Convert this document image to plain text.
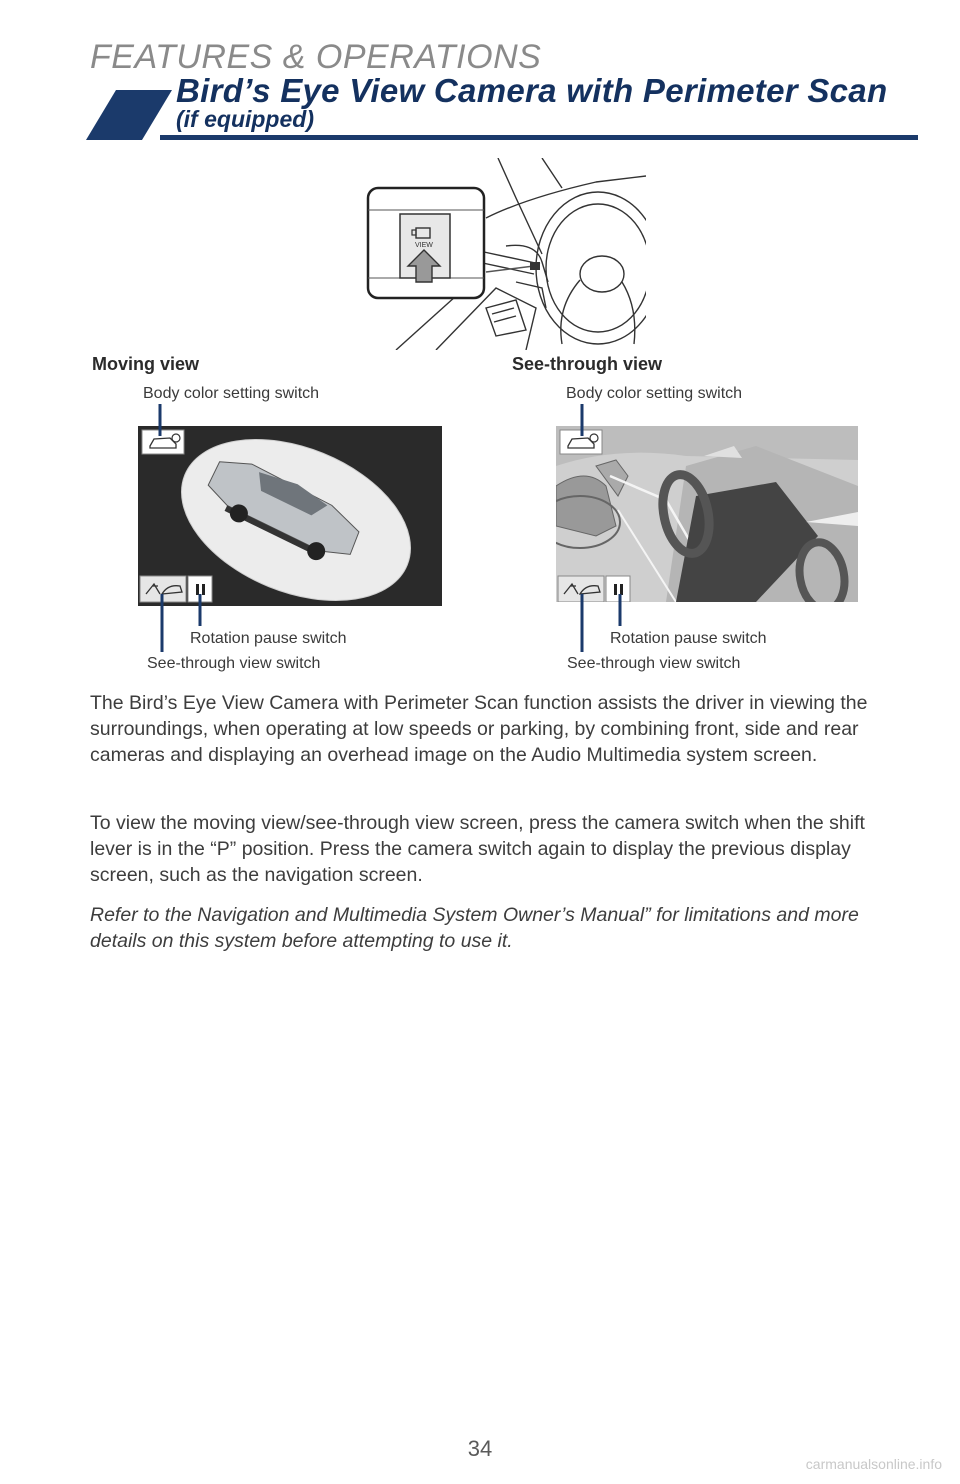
FEATURES & OPERATIONS
Bird’s Eye View Camera with Perimeter Scan
(if equipped)
VIEW
Moving view	See-through view
Body color setting switch	Body color setting switch
Rotation pause switch
See-through view switch
Rotation pause switch
See-through view switch

The Bird’s Eye View Camera with Perimeter Scan function assists the driver in viewing the surroundings, when operating at low speeds or parking, by combining front, side and rear cameras and displaying an overhead image on the Audio Multimedia system screen.

To view the moving view/see-through view screen, press the camera switch when the shift lever is in the “P” position. Press the camera switch again to display the previous display screen, such as the navigation screen.

Refer to the Navigation and Multimedia System Owner’s Manual” for limitations and more details on this system before attempting to use it.

34
carmanualsonline.info
